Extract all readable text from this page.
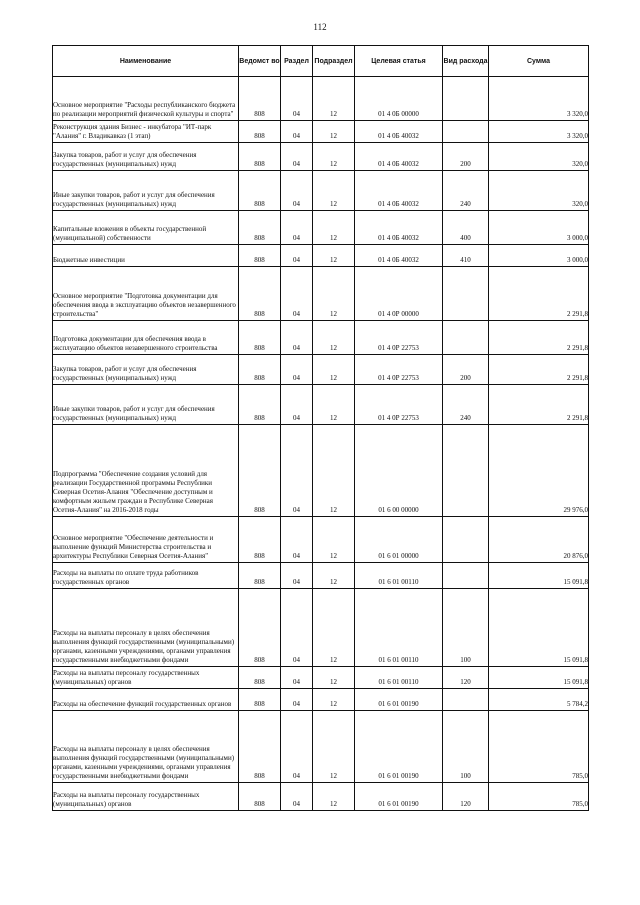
112
Наименование	Ведомст во	Раздел	Подраздел	Целевая статья	Вид расхода	Сумма
Основное мероприятие "Расходы республиканского бюджета по реализации мероприятий физической культуры и спорта"	808	04	12	01 4 0Б 00000		3 320,0
Реконструкция здания Бизнес - инкубатора "ИТ-парк "Алания" г. Владикавказ (1 этап)	808	04	12	01 4 0Б 40032		3 320,0
Закупка товаров, работ и услуг для обеспечения государственных (муниципальных) нужд	808	04	12	01 4 0Б 40032	200	320,0
Иные закупки товаров, работ и услуг для обеспечения государственных (муниципальных) нужд	808	04	12	01 4 0Б 40032	240	320,0
Капитальные вложения в объекты государственной (муниципальной) собственности	808	04	12	01 4 0Б 40032	400	3 000,0
Бюджетные инвестиции	808	04	12	01 4 0Б 40032	410	3 000,0
Основное мероприятие "Подготовка документации для обеспечения ввода в эксплуатацию объектов незавершенного строительства"	808	04	12	01 4 0Р 00000		2 291,8
Подготовка документации для обеспечения ввода в эксплуатацию объектов незавершенного строительства	808	04	12	01 4 0Р 22753		2 291,8
Закупка товаров, работ и услуг для обеспечения государственных (муниципальных) нужд	808	04	12	01 4 0Р 22753	200	2 291,8
Иные закупки товаров, работ и услуг для обеспечения государственных (муниципальных) нужд	808	04	12	01 4 0Р 22753	240	2 291,8
Подпрограмма "Обеспечение создания условий для реализации Государственной программы Республики Северная Осетия-Алания "Обеспечение доступным и комфортным жильем граждан в Республике Северная Осетия-Алания" на 2016-2018 годы	808	04	12	01 6 00 00000		29 976,0
Основное мероприятие "Обеспечение деятельности и выполнение функций Министерства строительства и архитектуры Республики Северная Осетия-Алания"	808	04	12	01 6 01 00000		20 876,0
Расходы на выплаты по оплате труда работников государственных органов	808	04	12	01 6 01 00110		15 091,8
Расходы на выплаты персоналу в целях обеспечения выполнения функций государственными (муниципальными) органами, казенными учреждениями, органами управления государственными внебюджетными фондами	808	04	12	01 6 01 00110	100	15 091,8
Расходы на выплаты персоналу государственных (муниципальных) органов	808	04	12	01 6 01 00110	120	15 091,8
Расходы на обеспечение функций государственных органов	808	04	12	01 6 01 00190		5 784,2
Расходы на выплаты персоналу в целях обеспечения выполнения функций государственными (муниципальными) органами, казенными учреждениями, органами управления государственными внебюджетными фондами	808	04	12	01 6 01 00190	100	785,0
Расходы на выплаты персоналу государственных (муниципальных) органов	808	04	12	01 6 01 00190	120	785,0
